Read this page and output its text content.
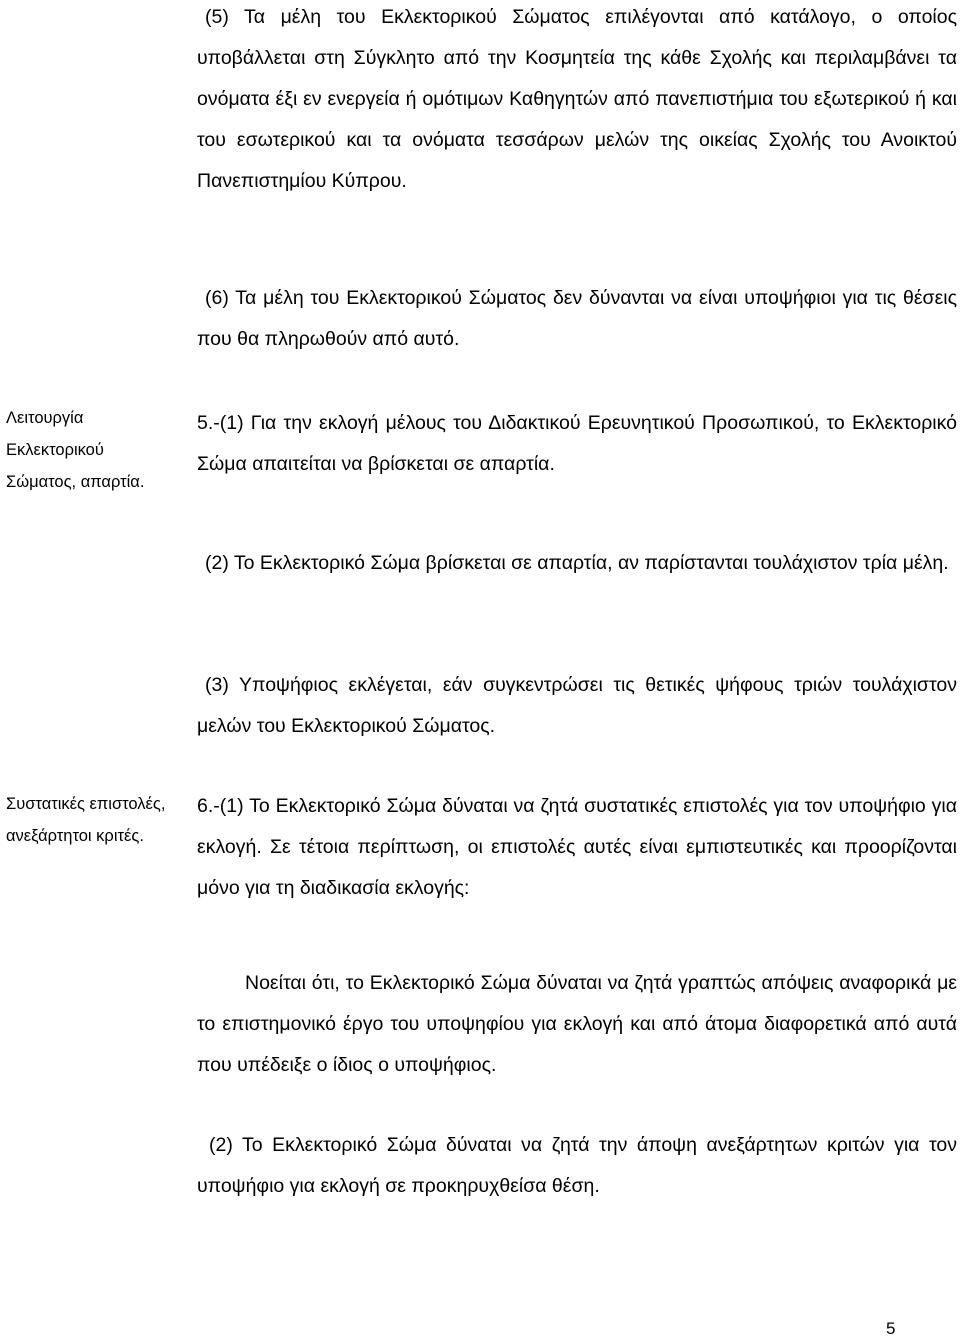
(5) Τα μέλη του Εκλεκτορικού Σώματος επιλέγονται από κατάλογο, ο οποίος υποβάλλεται στη Σύγκλητο από την Κοσμητεία της κάθε Σχολής και περιλαμβάνει τα ονόματα έξι εν ενεργεία ή ομότιμων Καθηγητών από πανεπιστήμια του εξωτερικού ή και του εσωτερικού και τα ονόματα τεσσάρων μελών της οικείας Σχολής του Ανοικτού Πανεπιστημίου Κύπρου.
(6) Τα μέλη του Εκλεκτορικού Σώματος δεν δύνανται να είναι υποψήφιοι για τις θέσεις που θα πληρωθούν από αυτό.
5.-(1) Για την εκλογή μέλους του Διδακτικού Ερευνητικού Προσωπικού, το Εκλεκτορικό Σώμα απαιτείται να βρίσκεται σε απαρτία.
(2) Το Εκλεκτορικό Σώμα βρίσκεται σε απαρτία, αν παρίστανται τουλάχιστον τρία μέλη.
(3) Υποψήφιος εκλέγεται, εάν συγκεντρώσει τις θετικές ψήφους τριών τουλάχιστον μελών του Εκλεκτορικού Σώματος.
6.-(1) Το Εκλεκτορικό Σώμα δύναται να ζητά συστατικές επιστολές για τον υποψήφιο για εκλογή. Σε τέτοια περίπτωση, οι επιστολές αυτές είναι εμπιστευτικές και προορίζονται μόνο για τη διαδικασία εκλογής:
Νοείται ότι, το Εκλεκτορικό Σώμα δύναται να ζητά γραπτώς απόψεις αναφορικά με το επιστημονικό έργο του υποψηφίου για εκλογή και από άτομα διαφορετικά από αυτά που υπέδειξε ο ίδιος ο υποψήφιος.
(2) Το Εκλεκτορικό Σώμα δύναται να ζητά την άποψη ανεξάρτητων κριτών για τον υποψήφιο για εκλογή σε προκηρυχθείσα θέση.
Λειτουργία Εκλεκτορικού Σώματος, απαρτία.
Συστατικές επιστολές, ανεξάρτητοι κριτές.
5
